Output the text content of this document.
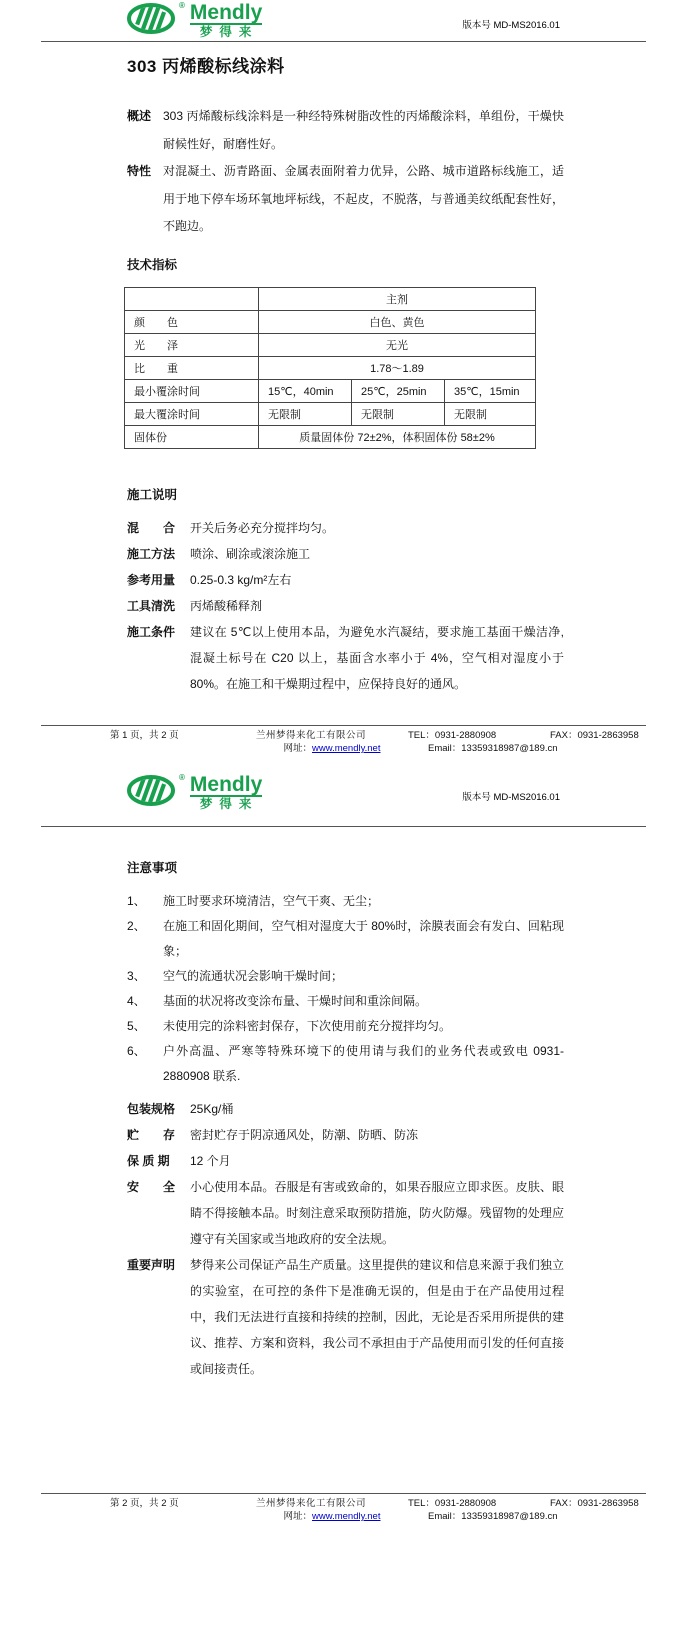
® Mendly
梦得来	版本号 MD-MS2016.01
303 丙烯酸标线涂料
概述 303 丙烯酸标线涂料是一种经特殊树脂改性的丙烯酸涂料，单组份，干燥快耐候性好，耐磨性好。
特性 对混凝土、沥青路面、金属表面附着力优异，公路、城市道路标线施工，适用于地下停车场环氧地坪标线，不起皮，不脱落，与普通美纹纸配套性好，不跑边。
技术指标
	主剂		
颜　　色	白色、黄色		
光　　泽	无光		
比　　重	1.78～1.89		
最小覆涂时间	15℃，40min	25℃，25min	35℃，15min
最大覆涂时间	无限制	无限制	无限制
固体份	质量固体份 72±2%，体积固体份 58±2%		
施工说明
混　　合 开关后务必充分搅拌均匀。
施工方法 喷涂、刷涂或滚涂施工
参考用量 0.25-0.3 kg/m²左右
工具清洗 丙烯酸稀释剂
施工条件 建议在 5℃以上使用本品，为避免水汽凝结，要求施工基面干燥洁净, 混凝土标号在 C20 以上，基面含水率小于 4%，空气相对湿度小于 80%。在施工和干燥期过程中，应保持良好的通风。
第 1 页，共 2 页	兰州梦得来化工有限公司	TEL：0931-2880908	FAX：0931-2863958
网址：www.mendly.net	Email：13359318987@189.cn
® Mendly
梦得来	版本号 MD-MS2016.01
注意事项
1、	施工时要求环境清洁，空气干爽、无尘；
2、	在施工和固化期间，空气相对湿度大于 80%时，涂膜表面会有发白、回粘现象；
3、	空气的流通状况会影响干燥时间；
4、	基面的状况将改变涂布量、干燥时间和重涂间隔。
5、	未使用完的涂料密封保存，下次使用前充分搅拌均匀。
6、	户外高温、严寒等特殊环境下的使用请与我们的业务代表或致电 0931-2880908 联系.
包装规格 25Kg/桶
贮　　存 密封贮存于阴凉通风处，防潮、防晒、防冻
保 质 期	12 个月
安　　全 小心使用本品。吞服是有害或致命的，如果吞服应立即求医。皮肤、眼睛不得接触本品。时刻注意采取预防措施，防火防爆。残留物的处理应遵守有关国家或当地政府的安全法规。
重要声明 梦得来公司保证产品生产质量。这里提供的建议和信息来源于我们独立的实验室，在可控的条件下是准确无误的，但是由于在产品使用过程中，我们无法进行直接和持续的控制，因此，无论是否采用所提供的建议、推荐、方案和资料，我公司不承担由于产品使用而引发的任何直接或间接责任。
第 2 页，共 2 页	兰州梦得来化工有限公司	TEL：0931-2880908	FAX：0931-2863958
网址：www.mendly.net	Email：13359318987@189.cn
